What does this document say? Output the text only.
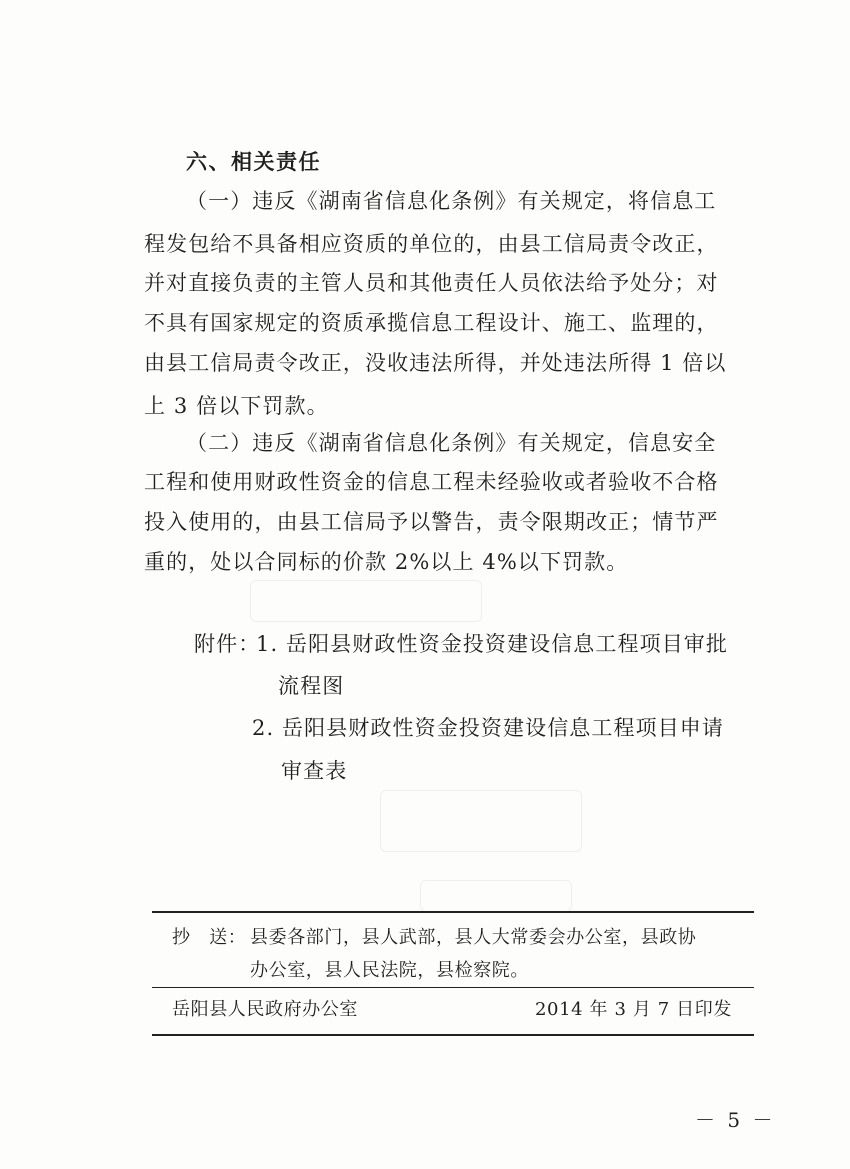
六、相关责任
（一）违反《湖南省信息化条例》有关规定，将信息工
程发包给不具备相应资质的单位的，由县工信局责令改正，
并对直接负责的主管人员和其他责任人员依法给予处分；对
不具有国家规定的资质承揽信息工程设计、施工、监理的，
由县工信局责令改正，没收违法所得，并处违法所得 1 倍以
上 3 倍以下罚款。
（二）违反《湖南省信息化条例》有关规定，信息安全
工程和使用财政性资金的信息工程未经验收或者验收不合格
投入使用的，由县工信局予以警告，责令限期改正；情节严
重的，处以合同标的价款 2%以上 4%以下罚款。
附件：
1. 岳阳县财政性资金投资建设信息工程项目审批
流程图
2. 岳阳县财政性资金投资建设信息工程项目申请
审查表
抄　送： 县委各部门，县人武部，县人大常委会办公室，县政协
办公室，县人民法院，县检察院。
岳阳县人民政府办公室	2014 年 3 月 7 日印发
－ 5 －
